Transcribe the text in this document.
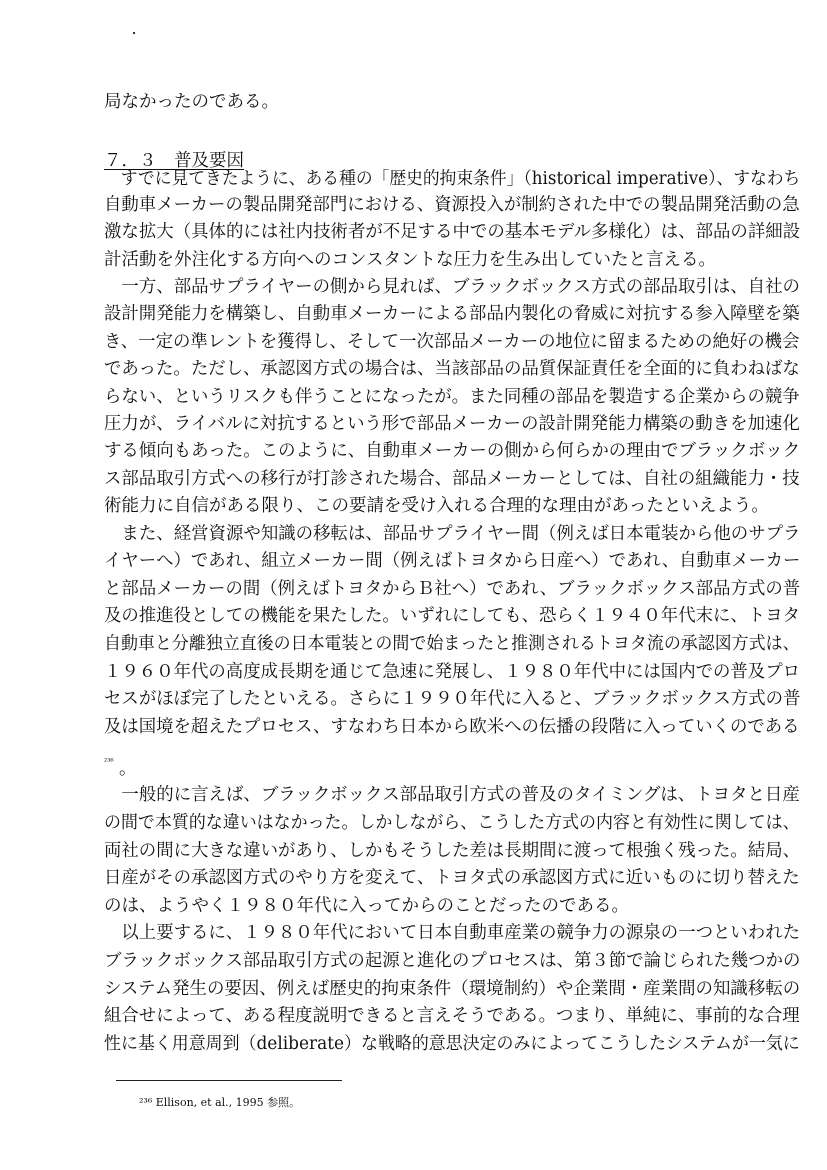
局なかったのである。

７．３　普及要因

　すでに見てきたように、ある種の「歴史的拘束条件」（historical imperative）、すなわち

自動車メーカーの製品開発部門における、資源投入が制約された中での製品開発活動の急

激な拡大（具体的には社内技術者が不足する中での基本モデル多様化）は、部品の詳細設

計活動を外注化する方向へのコンスタントな圧力を生み出していたと言える。

　一方、部品サプライヤーの側から見れば、ブラックボックス方式の部品取引は、自社の

設計開発能力を構築し、自動車メーカーによる部品内製化の脅威に対抗する参入障壁を築

き、一定の準レントを獲得し、そして一次部品メーカーの地位に留まるための絶好の機会

であった。ただし、承認図方式の場合は、当該部品の品質保証責任を全面的に負わねばな

らない、というリスクも伴うことになったが。また同種の部品を製造する企業からの競争

圧力が、ライバルに対抗するという形で部品メーカーの設計開発能力構築の動きを加速化

する傾向もあった。このように、自動車メーカーの側から何らかの理由でブラックボック

ス部品取引方式への移行が打診された場合、部品メーカーとしては、自社の組織能力・技

術能力に自信がある限り、この要請を受け入れる合理的な理由があったといえよう。

　また、経営資源や知識の移転は、部品サプライヤー間（例えば日本電装から他のサプラ

イヤーへ）であれ、組立メーカー間（例えばトヨタから日産へ）であれ、自動車メーカー

と部品メーカーの間（例えばトヨタからＢ社へ）であれ、ブラックボックス部品方式の普

及の推進役としての機能を果たした。いずれにしても、恐らく１９４０年代末に、トヨタ

自動車と分離独立直後の日本電装との間で始まったと推測されるトヨタ流の承認図方式は、

１９６０年代の高度成長期を通じて急速に発展し、１９８０年代中には国内での普及プロ

セスがほぼ完了したといえる。さらに１９９０年代に入ると、ブラックボックス方式の普

及は国境を超えたプロセス、すなわち日本から欧米への伝播の段階に入っていくのである

²³⁶ 。

　一般的に言えば、ブラックボックス部品取引方式の普及のタイミングは、トヨタと日産

の間で本質的な違いはなかった。しかしながら、こうした方式の内容と有効性に関しては、

両社の間に大きな違いがあり、しかもそうした差は長期間に渡って根強く残った。結局、

日産がその承認図方式のやり方を変えて、トヨタ式の承認図方式に近いものに切り替えた

のは、ようやく１９８０年代に入ってからのことだったのである。

　以上要するに、１９８０年代において日本自動車産業の競争力の源泉の一つといわれた

ブラックボックス部品取引方式の起源と進化のプロセスは、第３節で論じられた幾つかの

システム発生の要因、例えば歴史的拘束条件（環境制約）や企業間・産業間の知識移転の

組合せによって、ある程度説明できると言えそうである。つまり、単純に、事前的な合理

性に基く用意周到（deliberate）な戦略的意思決定のみによってこうしたシステムが一気に

²³⁶ Ellison, et al., 1995 参照。
